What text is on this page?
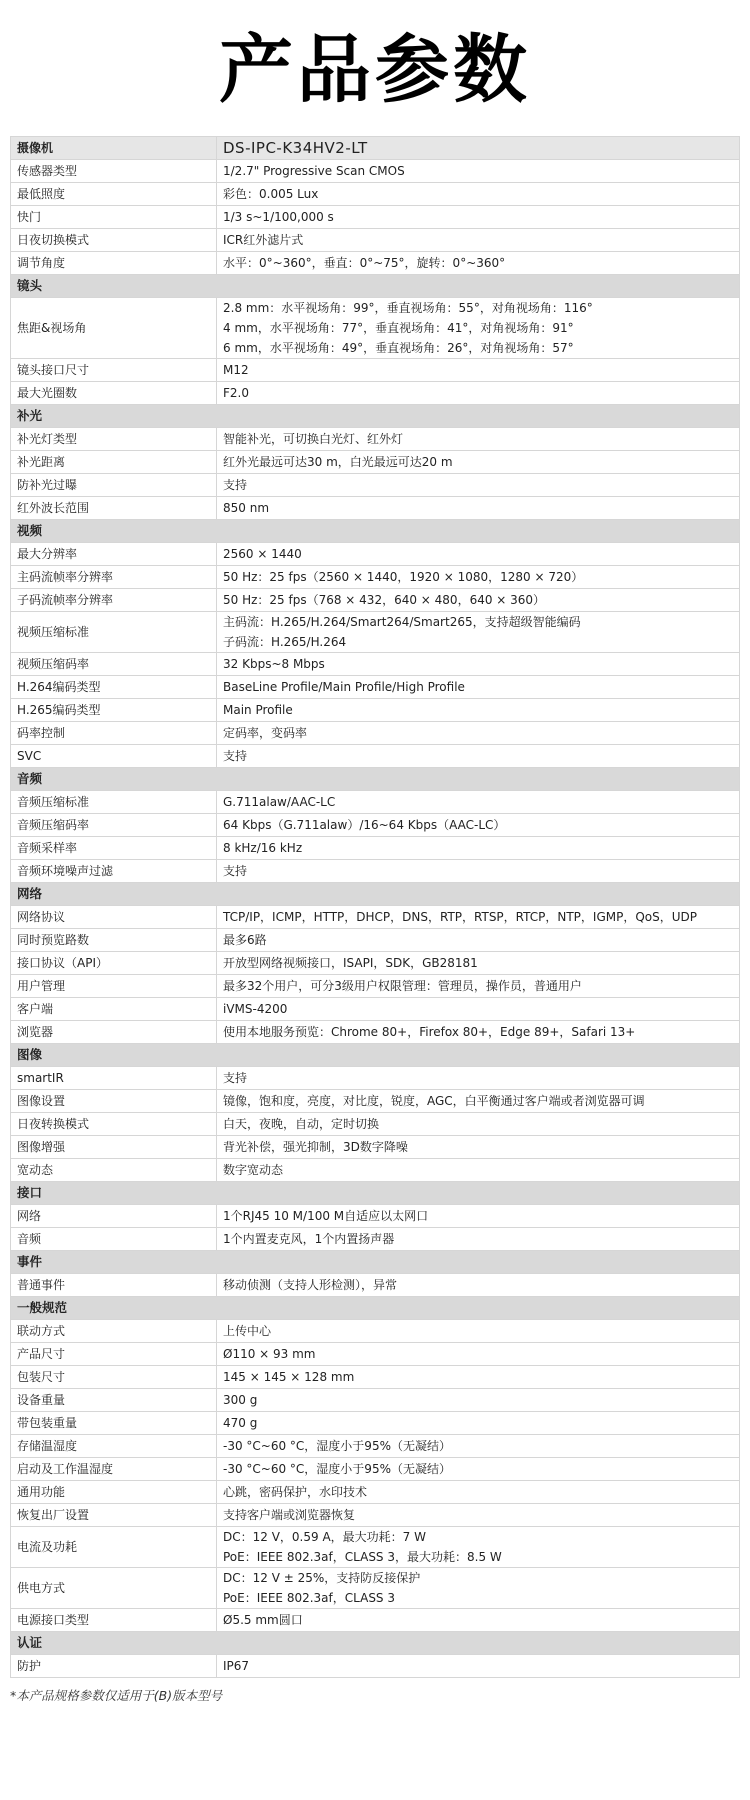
产品参数
摄像机	DS-IPC-K34HV2-LT
传感器类型	1/2.7" Progressive Scan CMOS

最低照度	彩色：0.005 Lux

快门	1/3 s~1/100,000 s

日夜切换模式	ICR红外滤片式

调节角度	水平：0°~360°，垂直：0°~75°，旋转：0°~360°

镜头	
焦距&视场角	2.8 mm：水平视场角：99°，垂直视场角：55°，对角视场角：116°
4 mm，水平视场角：77°，垂直视场角：41°，对角视场角：91°
6 mm，水平视场角：49°，垂直视场角：26°，对角视场角：57°

镜头接口尺寸	M12

最大光圈数	F2.0

补光	
补光灯类型	智能补光，可切换白光灯、红外灯

补光距离	红外光最远可达30 m，白光最远可达20 m

防补光过曝	支持

红外波长范围	850 nm

视频	
最大分辨率	2560 × 1440

主码流帧率分辨率	50 Hz：25 fps（2560 × 1440，1920 × 1080，1280 × 720）

子码流帧率分辨率	50 Hz：25 fps（768 × 432，640 × 480，640 × 360）

视频压缩标准	主码流：H.265/H.264/Smart264/Smart265，支持超级智能编码
子码流：H.265/H.264

视频压缩码率	32 Kbps~8 Mbps

H.264编码类型	BaseLine Profile/Main Profile/High Profile

H.265编码类型	Main Profile

码率控制	定码率，变码率

SVC	支持

音频	
音频压缩标准	G.711alaw/AAC-LC

音频压缩码率	64 Kbps（G.711alaw）/16~64 Kbps（AAC-LC）

音频采样率	8 kHz/16 kHz

音频环境噪声过滤	支持

网络	
网络协议	TCP/IP，ICMP，HTTP，DHCP，DNS，RTP，RTSP，RTCP，NTP，IGMP，QoS，UDP

同时预览路数	最多6路

接口协议（API）	开放型网络视频接口，ISAPI，SDK，GB28181

用户管理	最多32个用户，可分3级用户权限管理：管理员，操作员，普通用户

客户端	iVMS-4200

浏览器	使用本地服务预览：Chrome 80+，Firefox 80+，Edge 89+，Safari 13+

图像	
smartIR	支持

图像设置	镜像，饱和度，亮度，对比度，锐度，AGC，白平衡通过客户端或者浏览器可调

日夜转换模式	白天，夜晚，自动，定时切换

图像增强	背光补偿，强光抑制，3D数字降噪

宽动态	数字宽动态

接口	
网络	1个RJ45 10 M/100 M自适应以太网口

音频	1个内置麦克风，1个内置扬声器

事件	
普通事件	移动侦测（支持人形检测），异常

一般规范	
联动方式	上传中心

产品尺寸	Ø110 × 93 mm

包装尺寸	145 × 145 × 128 mm

设备重量	300 g

带包装重量	470 g

存储温湿度	-30 °C~60 °C，湿度小于95%（无凝结）

启动及工作温湿度	-30 °C~60 °C，湿度小于95%（无凝结）

通用功能	心跳，密码保护，水印技术

恢复出厂设置	支持客户端或浏览器恢复

电流及功耗	DC：12 V，0.59 A，最大功耗：7 W
PoE：IEEE 802.3af，CLASS 3，最大功耗：8.5 W

供电方式	DC：12 V ± 25%，支持防反接保护
PoE：IEEE 802.3af，CLASS 3

电源接口类型	Ø5.5 mm圆口

认证	
防护	IP67
*本产品规格参数仅适用于(B)版本型号
